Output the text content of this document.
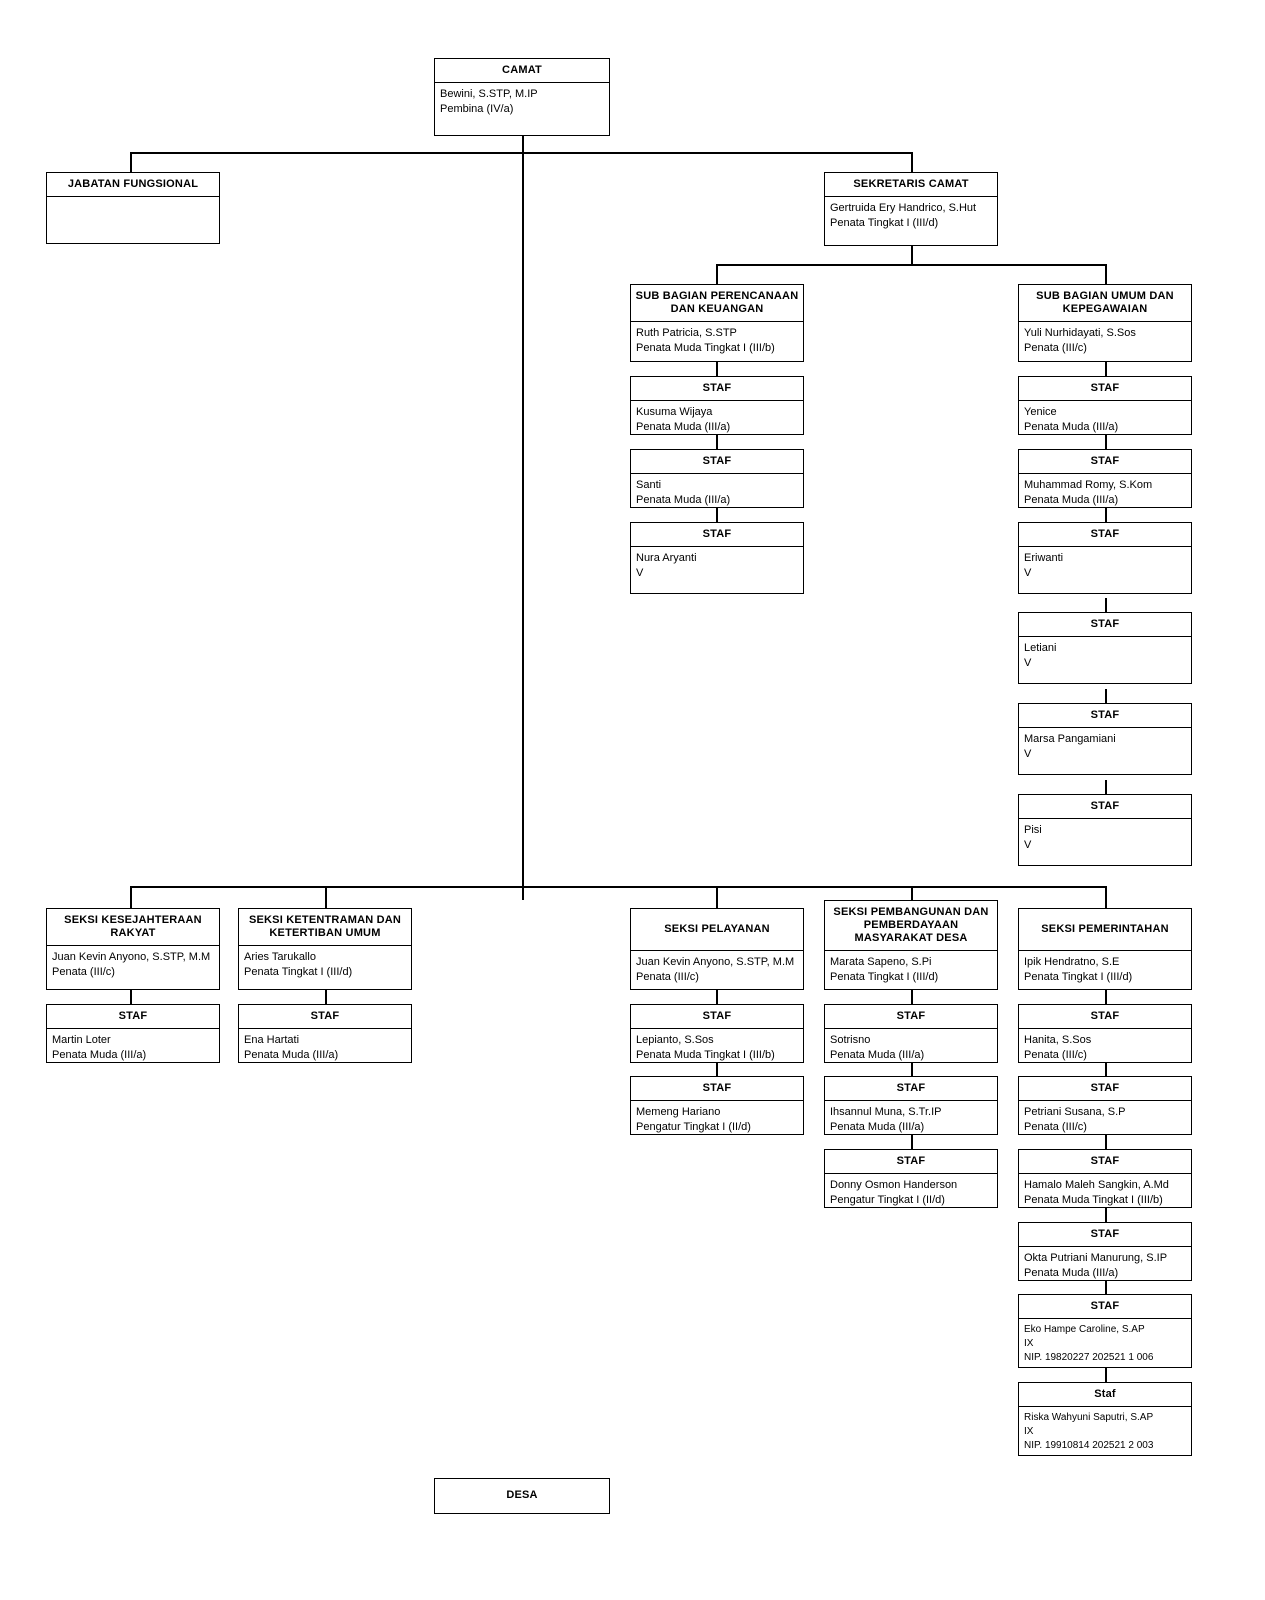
CAMAT
Bewini, S.STP, M.IP
Pembina (IV/a)
JABATAN FUNGSIONAL
	SEKRETARIS CAMAT
Gertruida Ery Handrico, S.Hut
Penata Tingkat I (III/d)
SUB BAGIAN PERENCANAAN DAN KEUANGAN
Ruth Patricia, S.STP
Penata Muda Tingkat I (III/b)
STAF
Kusuma Wijaya
Penata Muda (III/a)
STAF
Santi
Penata Muda (III/a)
STAF
Nura Aryanti
V
SUB BAGIAN UMUM DAN KEPEGAWAIAN
Yuli Nurhidayati, S.Sos
Penata (III/c)
STAF
Yenice
Penata Muda (III/a)
STAF
Muhammad Romy, S.Kom
Penata Muda (III/a)
STAF
Eriwanti
V
STAF
Letiani
V
STAF
Marsa Pangamiani
V
STAF
Pisi
V
SEKSI KESEJAHTERAAN RAKYAT
Juan Kevin Anyono, S.STP, M.M
Penata (III/c)
STAF
Martin Loter
Penata Muda (III/a)
SEKSI KETENTRAMAN DAN KETERTIBAN UMUM
Aries Tarukallo
Penata Tingkat I (III/d)
STAF
Ena Hartati
Penata Muda (III/a)
SEKSI PELAYANAN
Juan Kevin Anyono, S.STP, M.M
Penata (III/c)
STAF
Lepianto, S.Sos
Penata Muda Tingkat I (III/b)
STAF
Memeng Hariano
Pengatur Tingkat I (II/d)
SEKSI PEMBANGUNAN DAN PEMBERDAYAAN MASYARAKAT DESA
Marata Sapeno, S.Pi
Penata Tingkat I (III/d)
STAF
Sotrisno
Penata Muda (III/a)
STAF
Ihsannul Muna, S.Tr.IP
Penata Muda (III/a)
STAF
Donny Osmon Handerson
Pengatur Tingkat I (II/d)
SEKSI PEMERINTAHAN
Ipik Hendratno, S.E
Penata Tingkat I (III/d)
STAF
Hanita, S.Sos
Penata (III/c)
STAF
Petriani Susana, S.P
Penata (III/c)
STAF
Hamalo Maleh Sangkin, A.Md
Penata Muda Tingkat I (III/b)
STAF
Okta Putriani Manurung, S.IP
Penata Muda (III/a)
STAF
Eko Hampe Caroline, S.AP
IX
NIP. 19820227 202521 1 006
Staf
Riska Wahyuni Saputri, S.AP
IX
NIP. 19910814 202521 2 003
DESA
